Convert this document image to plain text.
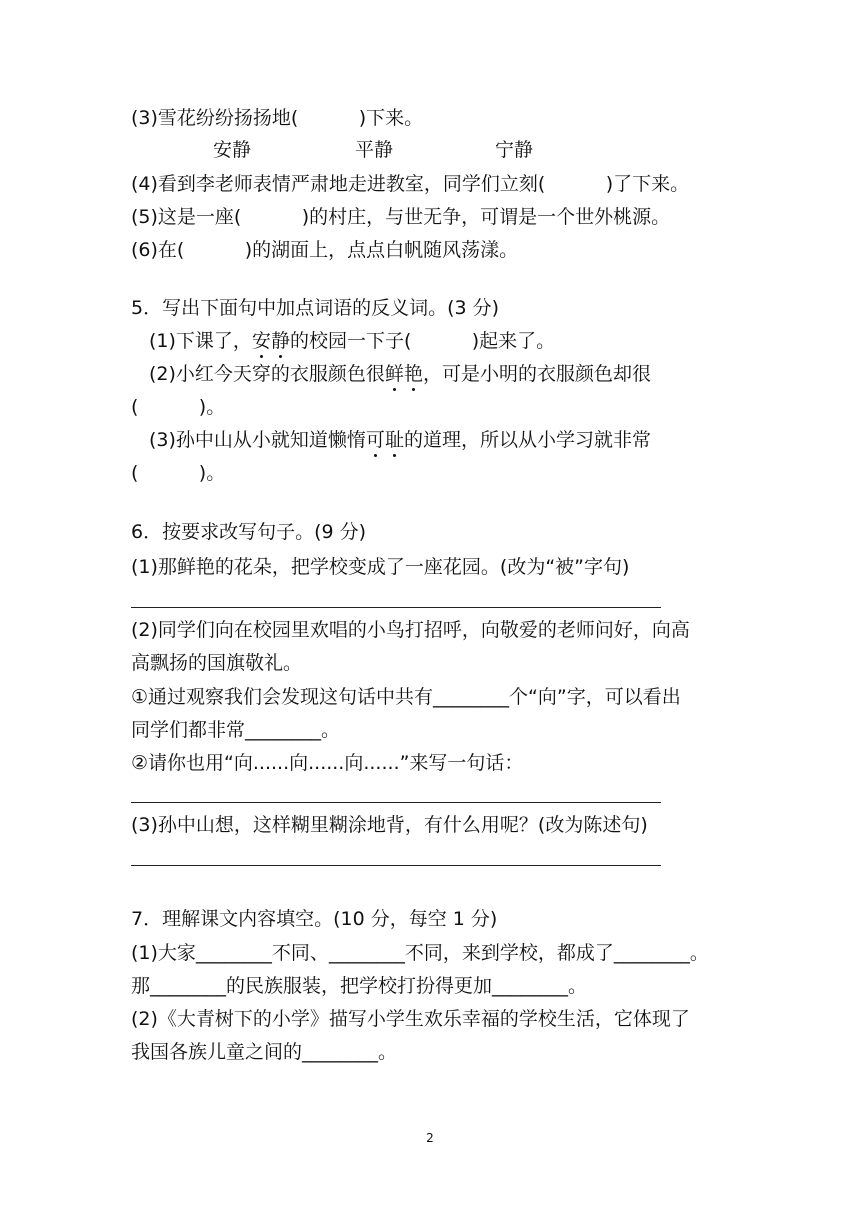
(3)雪花纷纷扬扬地(          )下来。
安静	平静	宁静
(4)看到李老师表情严肃地走进教室，同学们立刻(          )了下来。
(5)这是一座(          )的村庄，与世无争，可谓是一个世外桃源。
(6)在(          )的湖面上，点点白帆随风荡漾。
5．写出下面句中加点词语的反义词。(3 分)
(1)下课了，安静的校园一下子(          )起来了。
(2)小红今天穿的衣服颜色很鲜艳，可是小明的衣服颜色却很
(          )。
(3)孙中山从小就知道懒惰可耻的道理，所以从小学习就非常
(          )。
6．按要求改写句子。(9 分)
(1)那鲜艳的花朵，把学校变成了一座花园。(改为“被”字句)
(2)同学们向在校园里欢唱的小鸟打招呼，向敬爱的老师问好，向高
高飘扬的国旗敬礼。
①通过观察我们会发现这句话中共有________个“向”字，可以看出
同学们都非常________。
②请你也用“向......向......向......”来写一句话：
(3)孙中山想，这样糊里糊涂地背，有什么用呢？(改为陈述句)
7．理解课文内容填空。(10 分，每空 1 分)
(1)大家________不同、________不同，来到学校，都成了________。
那________的民族服装，把学校打扮得更加________。
(2)《大青树下的小学》描写小学生欢乐幸福的学校生活，它体现了
我国各族儿童之间的________。
2
